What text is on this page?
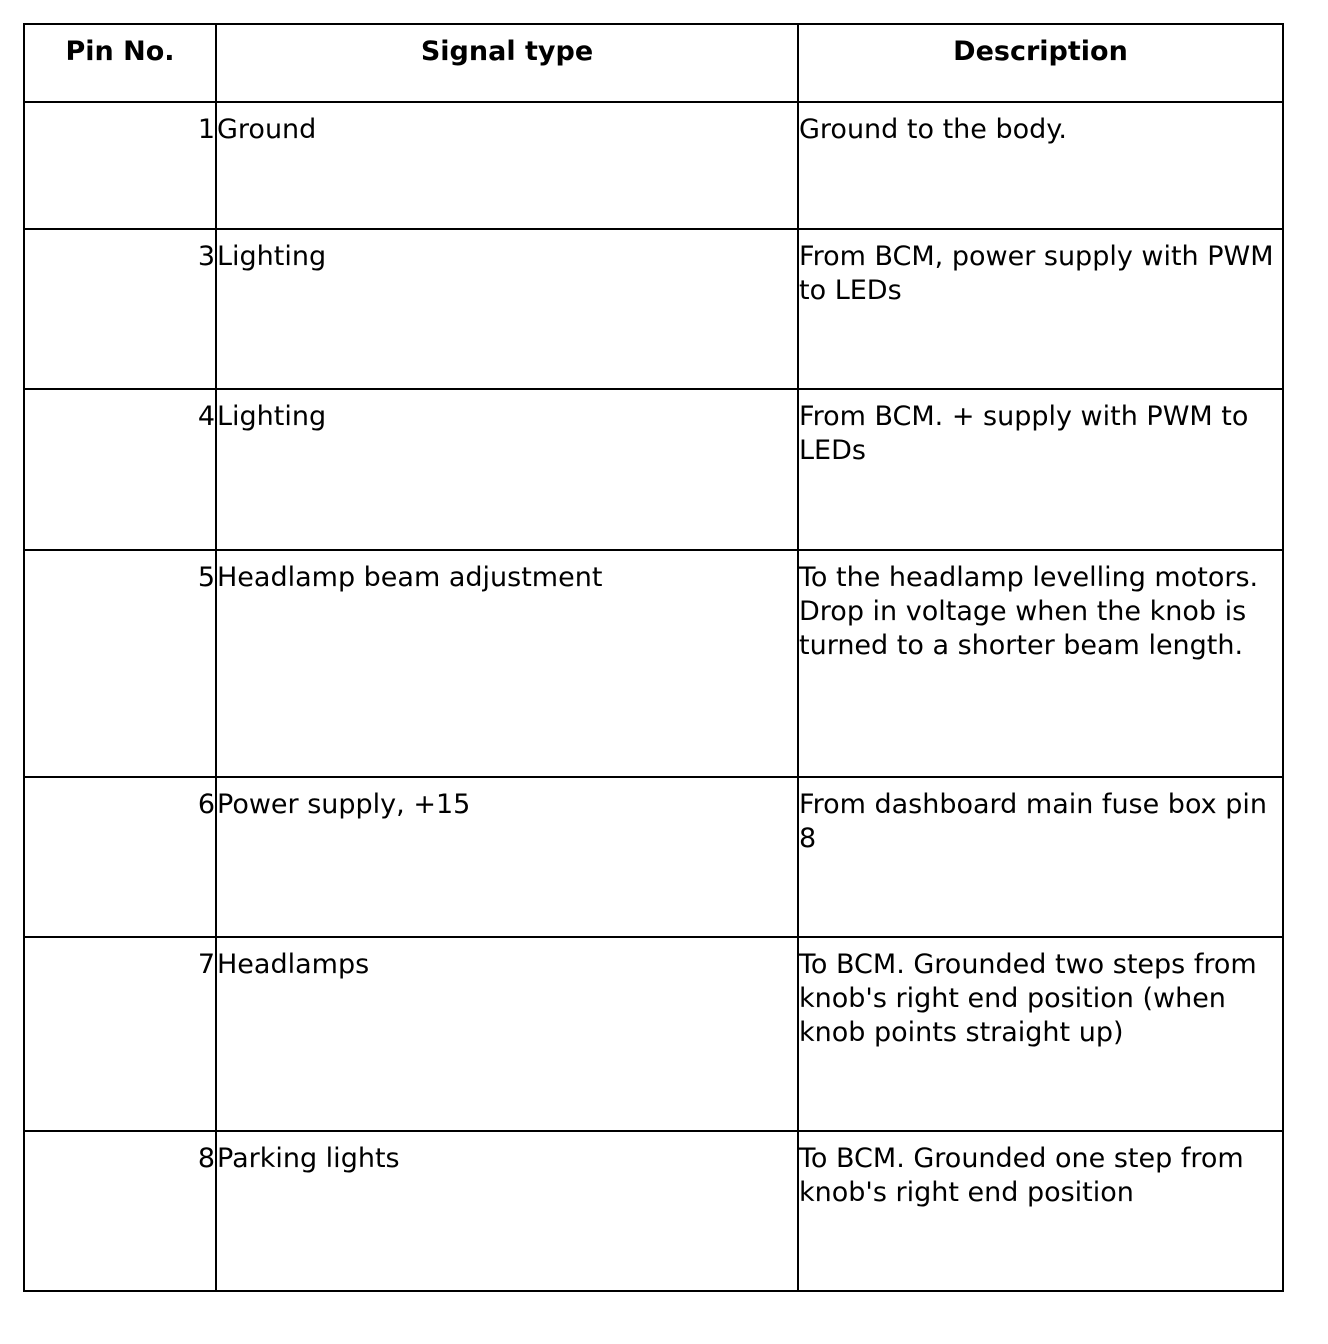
Pin No.	Signal type	Description
1	Ground	Ground to the body.
3	Lighting	From BCM, power supply with PWM to LEDs
4	Lighting	From BCM. + supply with PWM to LEDs
5	Headlamp beam adjustment	To the headlamp levelling motors. Drop in voltage when the knob is turned to a shorter beam length.
6	Power supply, +15	From dashboard main fuse box pin 8
7	Headlamps	To BCM. Grounded two steps from knob's right end position (when knob points straight up)
8	Parking lights	To BCM. Grounded one step from knob's right end position
